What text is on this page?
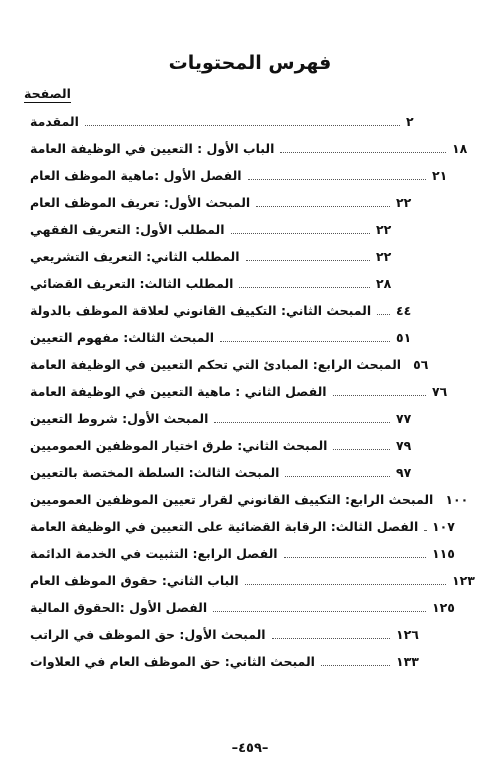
فهرس المحتويات
الصفحة
المقدمة	٢
الباب الأول : التعيين في الوظيفة العامة	١٨
الفصل الأول :ماهية الموظف العام	٢١
المبحث الأول: تعريف الموظف العام	٢٢
المطلب الأول: التعريف الفقهي	٢٢
المطلب الثاني: التعريف التشريعي	٢٢
المطلب الثالث: التعريف القضائي	٢٨
المبحث الثاني: التكييف القانوني لعلاقة الموظف بالدولة ٤٤
المبحث الثالث: مفهوم التعيين	٥١
المبحث الرابع: المبادئ التي تحكم التعيين في الوظيفة العامة ٥٦
الفصل الثاني : ماهية التعيين في الوظيفة العامة	٧٦
المبحث الأول: شروط التعيين	٧٧
المبحث الثاني: طرق اختيار الموظفين العموميين	٧٩
المبحث الثالث: السلطة المختصة بالتعيين	٩٧
المبحث الرابع: التكييف القانوني لقرار تعيين الموظفين العموميين ١٠٠
الفصل الثالث: الرقابة القضائية على التعيين في الوظيفة العامة ١٠٧
الفصل الرابع: التثبيت في الخدمة الدائمة	١١٥
الباب الثاني: حقوق الموظف العام	١٢٣
الفصل الأول :الحقوق المالية	١٢٥
المبحث الأول: حق الموظف في الراتب	١٢٦
المبحث الثاني: حق الموظف العام في العلاوات	١٣٣
–٤٥٩–
